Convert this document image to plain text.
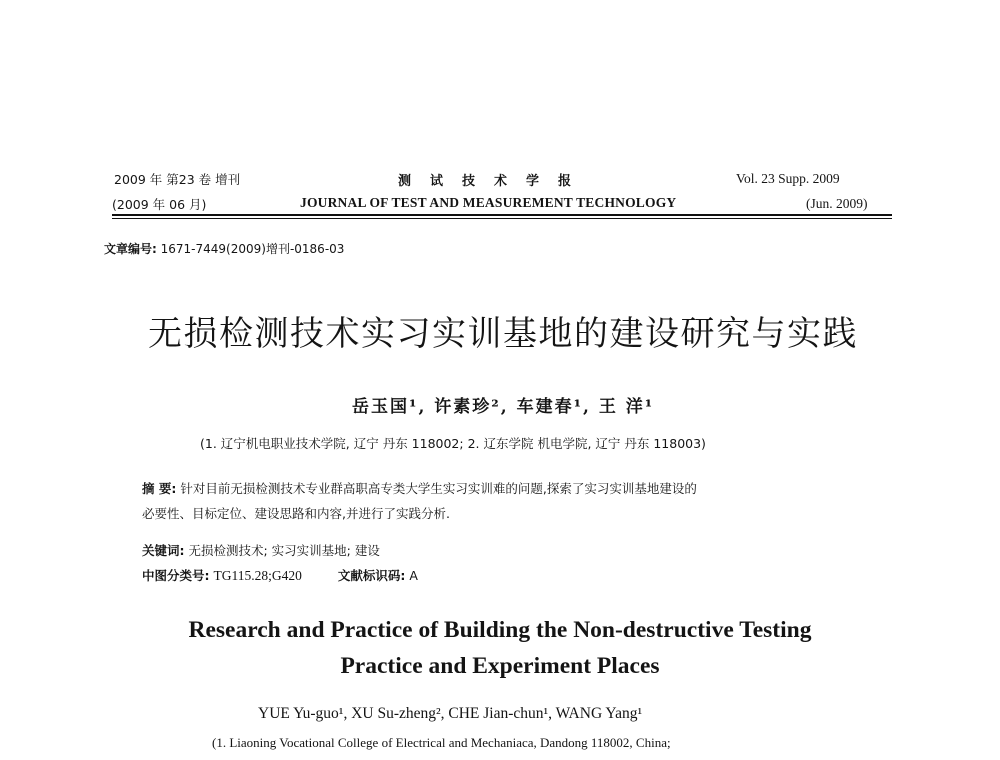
2009 年 第23 卷 增刊
(2009 年 06 月)
测试技术学报
JOURNAL OF TEST AND MEASUREMENT TECHNOLOGY
Vol. 23 Supp. 2009
(Jun. 2009)
文章编号: 1671-7449(2009)增刊-0186-03
无损检测技术实习实训基地的建设研究与实践
岳玉国¹, 许素珍², 车建春¹, 王 洋¹
(1. 辽宁机电职业技术学院, 辽宁 丹东 118002; 2. 辽东学院 机电学院, 辽宁 丹东 118003)
摘 要: 针对目前无损检测技术专业群高职高专类大学生实习实训难的问题,探索了实习实训基地建设的
必要性、目标定位、建设思路和内容,并进行了实践分析.
关键词: 无损检测技术; 实习实训基地; 建设
中图分类号: TG115.28;G420	文献标识码: A
Research and Practice of Building the Non-destructive Testing
Practice and Experiment Places
YUE Yu-guo¹, XU Su-zheng², CHE Jian-chun¹, WANG Yang¹
(1. Liaoning Vocational College of Electrical and Mechaniaca, Dandong 118002, China;
